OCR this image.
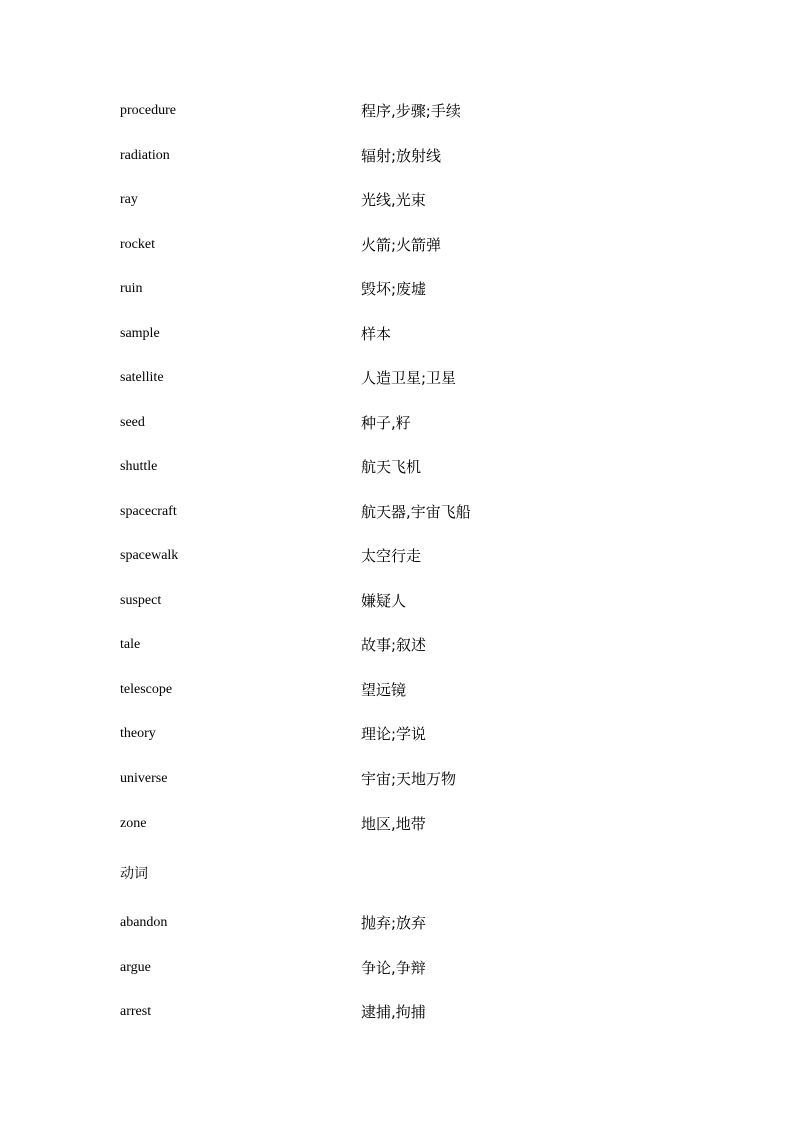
procedure	程序,步骤;手续
radiation	辐射;放射线
ray	光线,光束
rocket	火箭;火箭弹
ruin	毁坏;废墟
sample	样本
satellite	人造卫星;卫星
seed	种子,籽
shuttle	航天飞机
spacecraft	航天器,宇宙飞船
spacewalk	太空行走
suspect	嫌疑人
tale	故事;叙述
telescope	望远镜
theory	理论;学说
universe	宇宙;天地万物
zone	地区,地带
动词
abandon	抛弃;放弃
argue	争论,争辩
arrest	逮捕,拘捕
